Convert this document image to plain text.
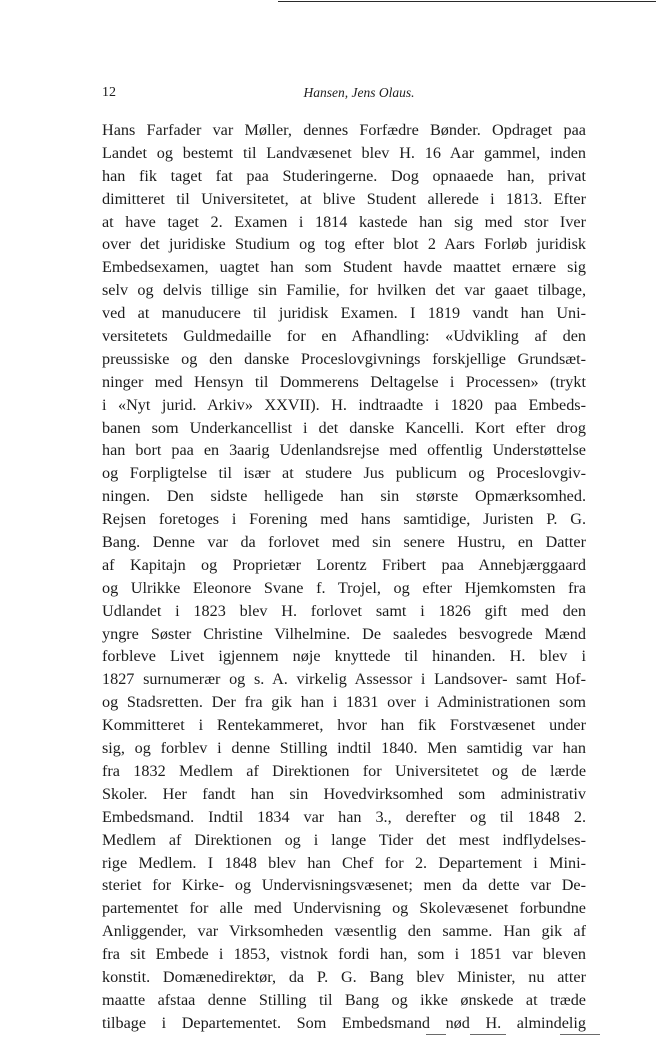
12	Hansen, Jens Olaus.
Hans Farfader var Møller, dennes Forfædre Bønder. Opdraget paa
Landet og bestemt til Landvæsenet blev H. 16 Aar gammel, inden
han fik taget fat paa Studeringerne. Dog opnaaede han, privat
dimitteret til Universitetet, at blive Student allerede i 1813. Efter
at have taget 2. Examen i 1814 kastede han sig med stor Iver
over det juridiske Studium og tog efter blot 2 Aars Forløb juridisk
Embedsexamen, uagtet han som Student havde maattet ernære sig
selv og delvis tillige sin Familie, for hvilken det var gaaet tilbage,
ved at manuducere til juridisk Examen. I 1819 vandt han Uni-
versitetets Guldmedaille for en Afhandling: «Udvikling af den
preussiske og den danske Proceslovgivnings forskjellige Grundsæt-
ninger med Hensyn til Dommerens Deltagelse i Processen» (trykt
i «Nyt jurid. Arkiv» XXVII). H. indtraadte i 1820 paa Embeds-
banen som Underkancellist i det danske Kancelli. Kort efter drog
han bort paa en 3aarig Udenlandsrejse med offentlig Understøttelse
og Forpligtelse til især at studere Jus publicum og Proceslovgiv-
ningen. Den sidste helligede han sin største Opmærksomhed.
Rejsen foretoges i Forening med hans samtidige, Juristen P. G.
Bang. Denne var da forlovet med sin senere Hustru, en Datter
af Kapitajn og Proprietær Lorentz Fribert paa Annebjærggaard
og Ulrikke Eleonore Svane f. Trojel, og efter Hjemkomsten fra
Udlandet i 1823 blev H. forlovet samt i 1826 gift med den
yngre Søster Christine Vilhelmine. De saaledes besvogrede Mænd
forbleve Livet igjennem nøje knyttede til hinanden. H. blev i
1827 surnumerær og s. A. virkelig Assessor i Landsover- samt Hof-
og Stadsretten. Der fra gik han i 1831 over i Administrationen som
Kommitteret i Rentekammeret, hvor han fik Forstvæsenet under
sig, og forblev i denne Stilling indtil 1840. Men samtidig var han
fra 1832 Medlem af Direktionen for Universitetet og de lærde
Skoler. Her fandt han sin Hovedvirksomhed som administrativ
Embedsmand. Indtil 1834 var han 3., derefter og til 1848 2.
Medlem af Direktionen og i lange Tider det mest indflydelses-
rige Medlem. I 1848 blev han Chef for 2. Departement i Mini-
steriet for Kirke- og Undervisningsvæsenet; men da dette var De-
partementet for alle med Undervisning og Skolevæsenet forbundne
Anliggender, var Virksomheden væsentlig den samme. Han gik af
fra sit Embede i 1853, vistnok fordi han, som i 1851 var bleven
konstit. Domænedirektør, da P. G. Bang blev Minister, nu atter
maatte afstaa denne Stilling til Bang og ikke ønskede at træde
tilbage i Departementet. Som Embedsmand nød H. almindelig
